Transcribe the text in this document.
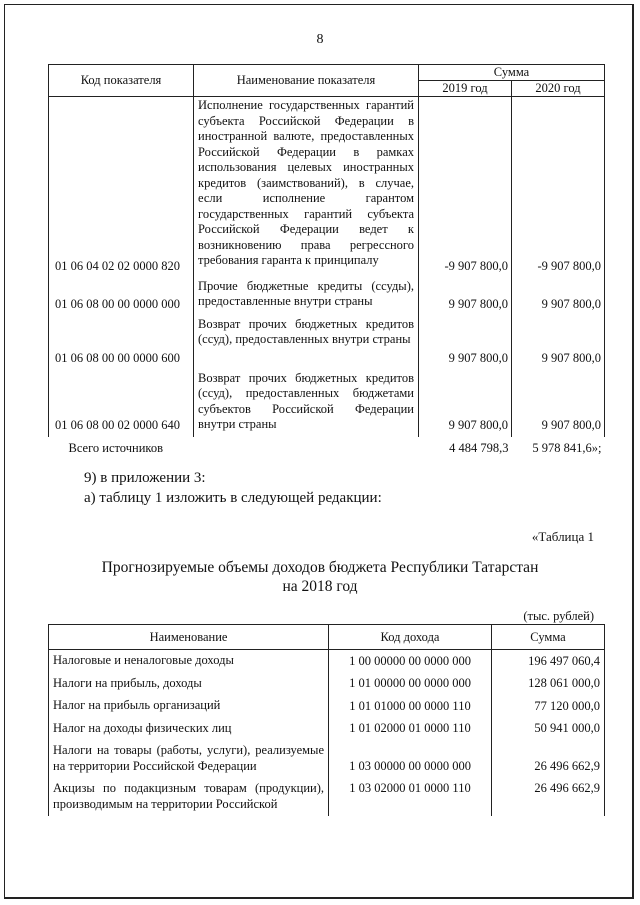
8
Код показателя	Наименование показателя	Сумма	
		2019 год	2020 год
01 06 04 02 02 0000 820	Исполнение государственных гарантий субъекта Российской Федерации в иностранной валюте, предоставленных Российской Федерации в рамках использования целевых иностранных кредитов (заимствований), в случае, если исполнение гарантом государственных гарантий субъекта Российской Федерации ведет к возникновению права регрессного требования гаранта к принципалу	-9 907 800,0	-9 907 800,0
01 06 08 00 00 0000 000	Прочие бюджетные кредиты (ссуды), предоставленные внутри страны	9 907 800,0	9 907 800,0
01 06 08 00 00 0000 600	Возврат прочих бюджетных кредитов (ссуд), предоставленных внутри страны	9 907 800,0	9 907 800,0
01 06 08 00 02 0000 640	Возврат прочих бюджетных кредитов (ссуд), предоставленных бюджетами субъектов Российской Федерации внутри страны	9 907 800,0	9 907 800,0
Всего источников		4 484 798,3	5 978 841,6»;
9) в приложении 3:
а) таблицу 1 изложить в следующей редакции:
«Таблица 1
Прогнозируемые объемы доходов бюджета Республики Татарстан
на 2018 год
(тыс. рублей)
Наименование	Код дохода	Сумма
Налоговые и неналоговые доходы	1 00 00000 00 0000 000	196 497 060,4
Налоги на прибыль, доходы	1 01 00000 00 0000 000	128 061 000,0
Налог на прибыль организаций	1 01 01000 00 0000 110	77 120 000,0
Налог на доходы физических лиц	1 01 02000 01 0000 110	50 941 000,0
Налоги на товары (работы, услуги), реализуемые на территории Российской Федерации	1 03 00000 00 0000 000	26 496 662,9
Акцизы по подакцизным товарам (продукции), производимым на территории Российской	1 03 02000 01 0000 110	26 496 662,9
